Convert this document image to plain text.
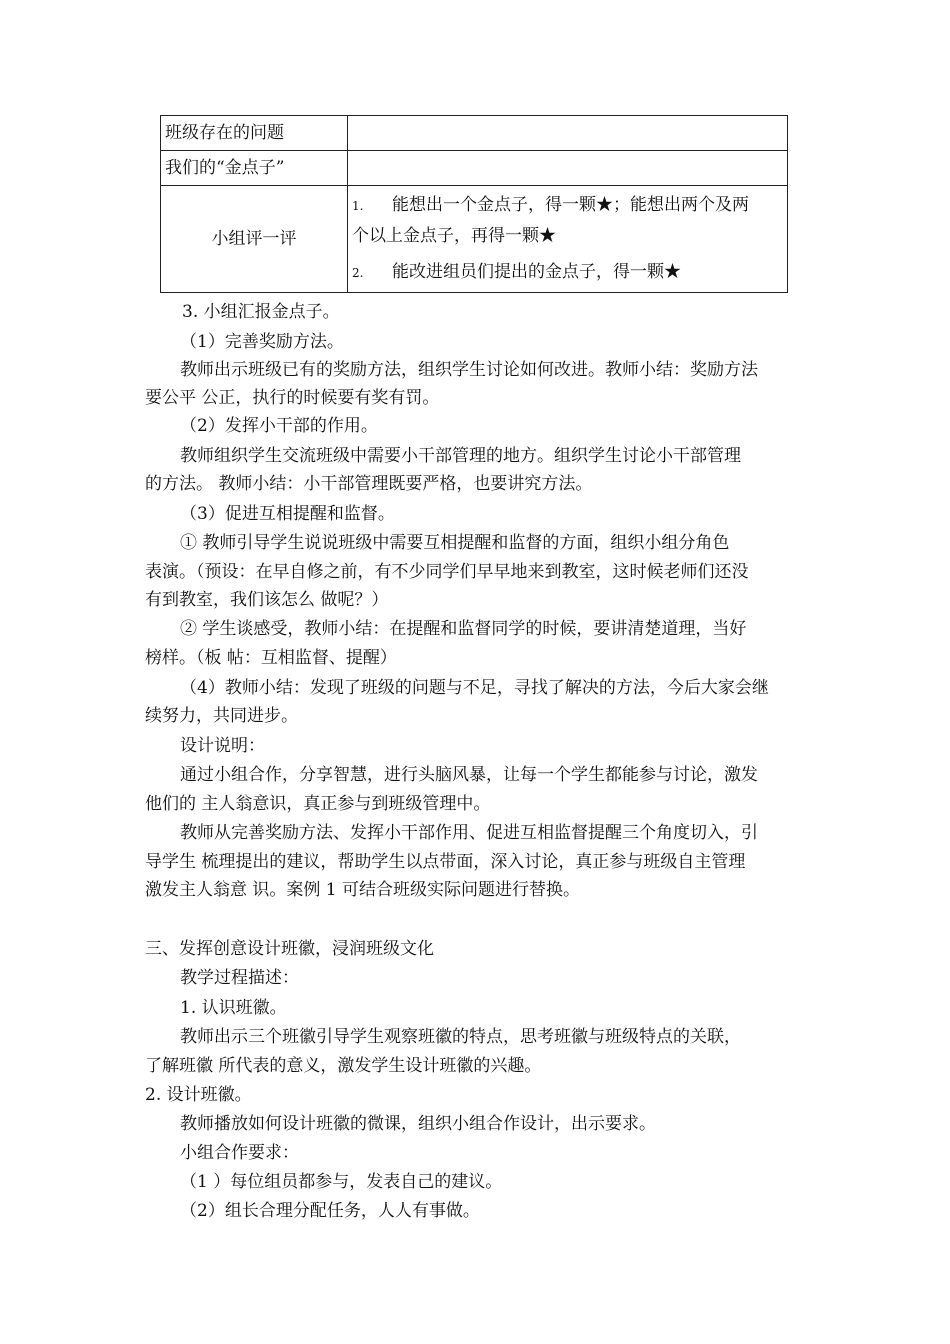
班级存在的问题	
我们的“金点子”	
小组评一评	1. 能想出一个金点子，得一颗★；能想出两个及两
个以上金点子，再得一颗★
2. 能改进组员们提出的金点子，得一颗★
3. 小组汇报金点子。
（1）完善奖励方法。
教师出示班级已有的奖励方法，组织学生讨论如何改进。教师小结：奖励方法
要公平 公正，执行的时候要有奖有罚。
（2）发挥小干部的作用。
教师组织学生交流班级中需要小干部管理的地方。组织学生讨论小干部管理
的方法。 教师小结：小干部管理既要严格，也要讲究方法。
（3）促进互相提醒和监督。
① 教师引导学生说说班级中需要互相提醒和监督的方面，组织小组分角色
表演。（预设：在早自修之前，有不少同学们早早地来到教室，这时候老师们还没
有到教室，我们该怎么 做呢？）
② 学生谈感受，教师小结：在提醒和监督同学的时候，要讲清楚道理，当好
榜样。（板 帖：互相监督、提醒）
（4）教师小结：发现了班级的问题与不足，寻找了解决的方法，今后大家会继
续努力，共同进步。
设计说明：
通过小组合作，分享智慧，进行头脑风暴，让每一个学生都能参与讨论，激发
他们的 主人翁意识，真正参与到班级管理中。
教师从完善奖励方法、发挥小干部作用、促进互相监督提醒三个角度切入，引
导学生 梳理提出的建议，帮助学生以点带面，深入讨论，真正参与班级自主管理
激发主人翁意 识。案例 1 可结合班级实际问题进行替换。
三、发挥创意设计班徽，浸润班级文化
教学过程描述：
1. 认识班徽。
教师出示三个班徽引导学生观察班徽的特点，思考班徽与班级特点的关联，
了解班徽 所代表的意义，激发学生设计班徽的兴趣。
2. 设计班徽。
教师播放如何设计班徽的微课，组织小组合作设计，出示要求。
小组合作要求：
（1 ）每位组员都参与，发表自己的建议。
（2）组长合理分配任务，人人有事做。
